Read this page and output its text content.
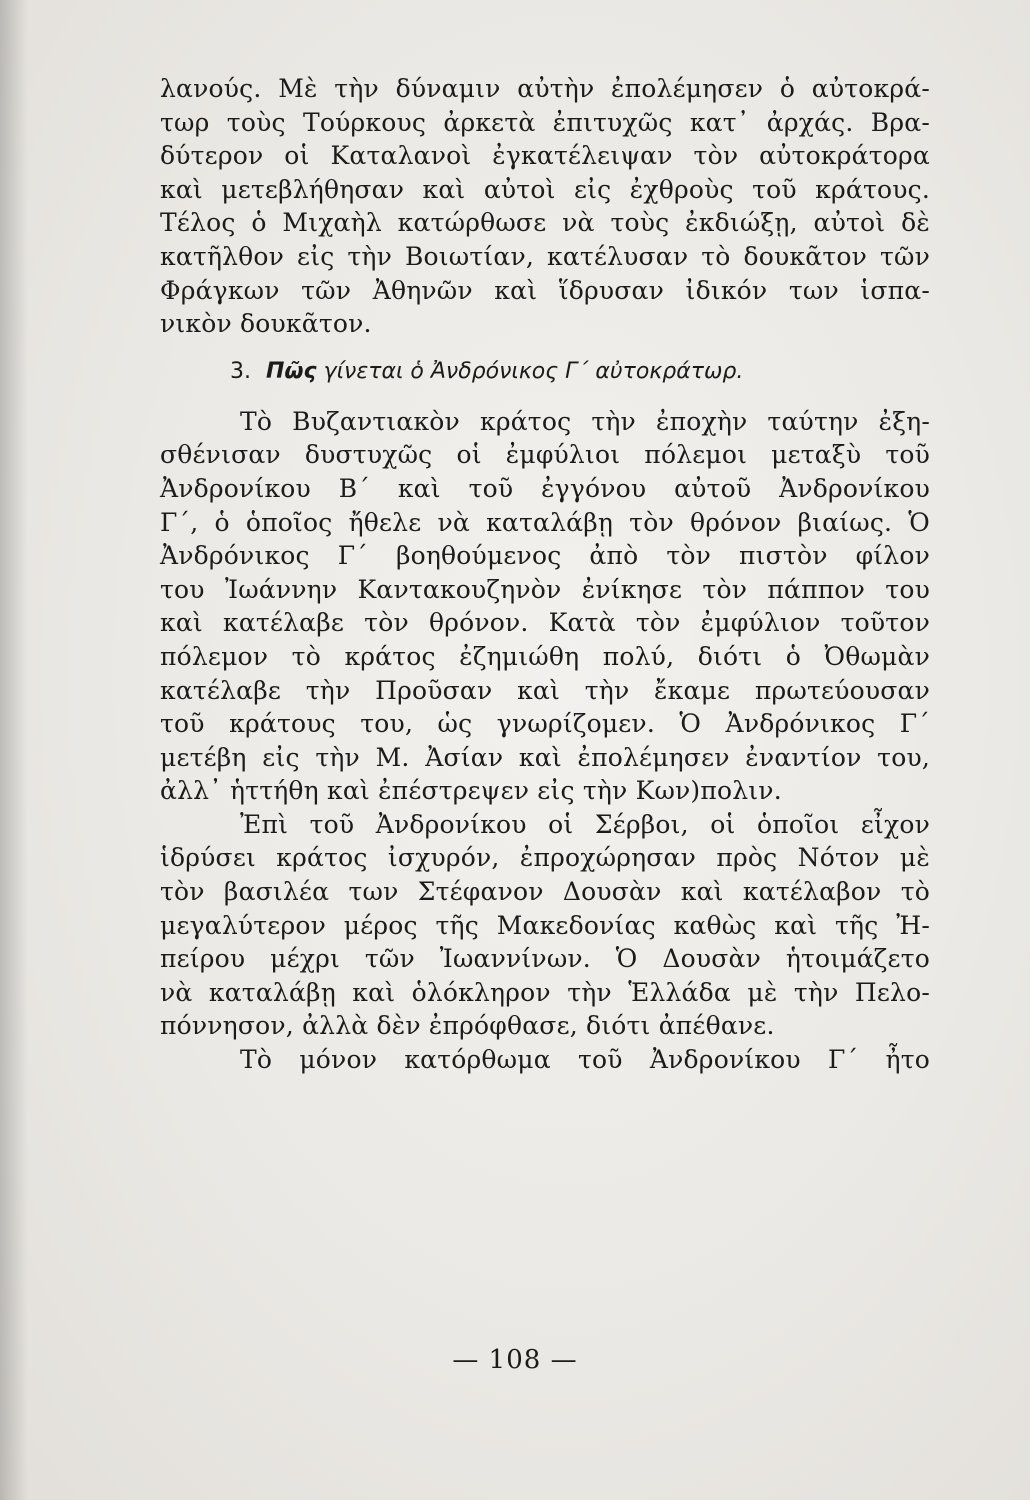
λανούς. Μὲ τὴν δύναμιν αὐτὴν ἐπολέμησεν ὁ αὐτοκρά-
τωρ τοὺς Τούρκους ἀρκετὰ ἐπιτυχῶς κατ᾿ ἀρχάς. Βρα-
δύτερον οἱ Καταλανοὶ ἐγκατέλειψαν τὸν αὐτοκράτορα
καὶ μετεβλήθησαν καὶ αὐτοὶ εἰς ἐχθροὺς τοῦ κράτους.
Τέλος ὁ Μιχαὴλ κατώρθωσε νὰ τοὺς ἐκδιώξῃ, αὐτοὶ δὲ
κατῆλθον εἰς τὴν Βοιωτίαν, κατέλυσαν τὸ δουκᾶτον τῶν
Φράγκων τῶν Ἀθηνῶν καὶ ἵδρυσαν ἰδικόν των ἱσπα-
νικὸν δουκᾶτον.
3. Πῶς γίνεται ὁ Ἀνδρόνικος Γ΄ αὐτοκράτωρ.
Τὸ Βυζαντιακὸν κράτος τὴν ἐποχὴν ταύτην ἐξη-
σθένισαν δυστυχῶς οἱ ἐμφύλιοι πόλεμοι μεταξὺ τοῦ
Ἀνδρονίκου Β΄ καὶ τοῦ ἐγγόνου αὐτοῦ Ἀνδρονίκου
Γ΄, ὁ ὁποῖος ἤθελε νὰ καταλάβῃ τὸν θρόνον βιαίως. Ὁ
Ἀνδρόνικος Γ΄ βοηθούμενος ἀπὸ τὸν πιστὸν φίλον
του Ἰωάννην Καντακουζηνὸν ἐνίκησε τὸν πάππον του
καὶ κατέλαβε τὸν θρόνον. Κατὰ τὸν ἐμφύλιον τοῦτον
πόλεμον τὸ κράτος ἐζημιώθη πολύ, διότι ὁ Ὀθωμὰν
κατέλαβε τὴν Προῦσαν καὶ τὴν ἔκαμε πρωτεύουσαν
τοῦ κράτους του, ὡς γνωρίζομεν. Ὁ Ἀνδρόνικος Γ΄
μετέβη εἰς τὴν Μ. Ἀσίαν καὶ ἐπολέμησεν ἐναντίον του,
ἀλλ᾿ ἡττήθη καὶ ἐπέστρεψεν εἰς τὴν Κων)πολιν.
Ἐπὶ τοῦ Ἀνδρονίκου οἱ Σέρβοι, οἱ ὁποῖοι εἶχον
ἱδρύσει κράτος ἰσχυρόν, ἐπροχώρησαν πρὸς Νότον μὲ
τὸν βασιλέα των Στέφανον Δουσὰν καὶ κατέλαβον τὸ
μεγαλύτερον μέρος τῆς Μακεδονίας καθὼς καὶ τῆς Ἠ-
πείρου μέχρι τῶν Ἰωαννίνων. Ὁ Δουσὰν ἡτοιμάζετο
νὰ καταλάβῃ καὶ ὁλόκληρον τὴν Ἑλλάδα μὲ τὴν Πελο-
πόννησον, ἀλλὰ δὲν ἐπρόφθασε, διότι ἀπέθανε.
Τὸ μόνον κατόρθωμα τοῦ Ἀνδρονίκου Γ΄ ἦτο
— 108 —
